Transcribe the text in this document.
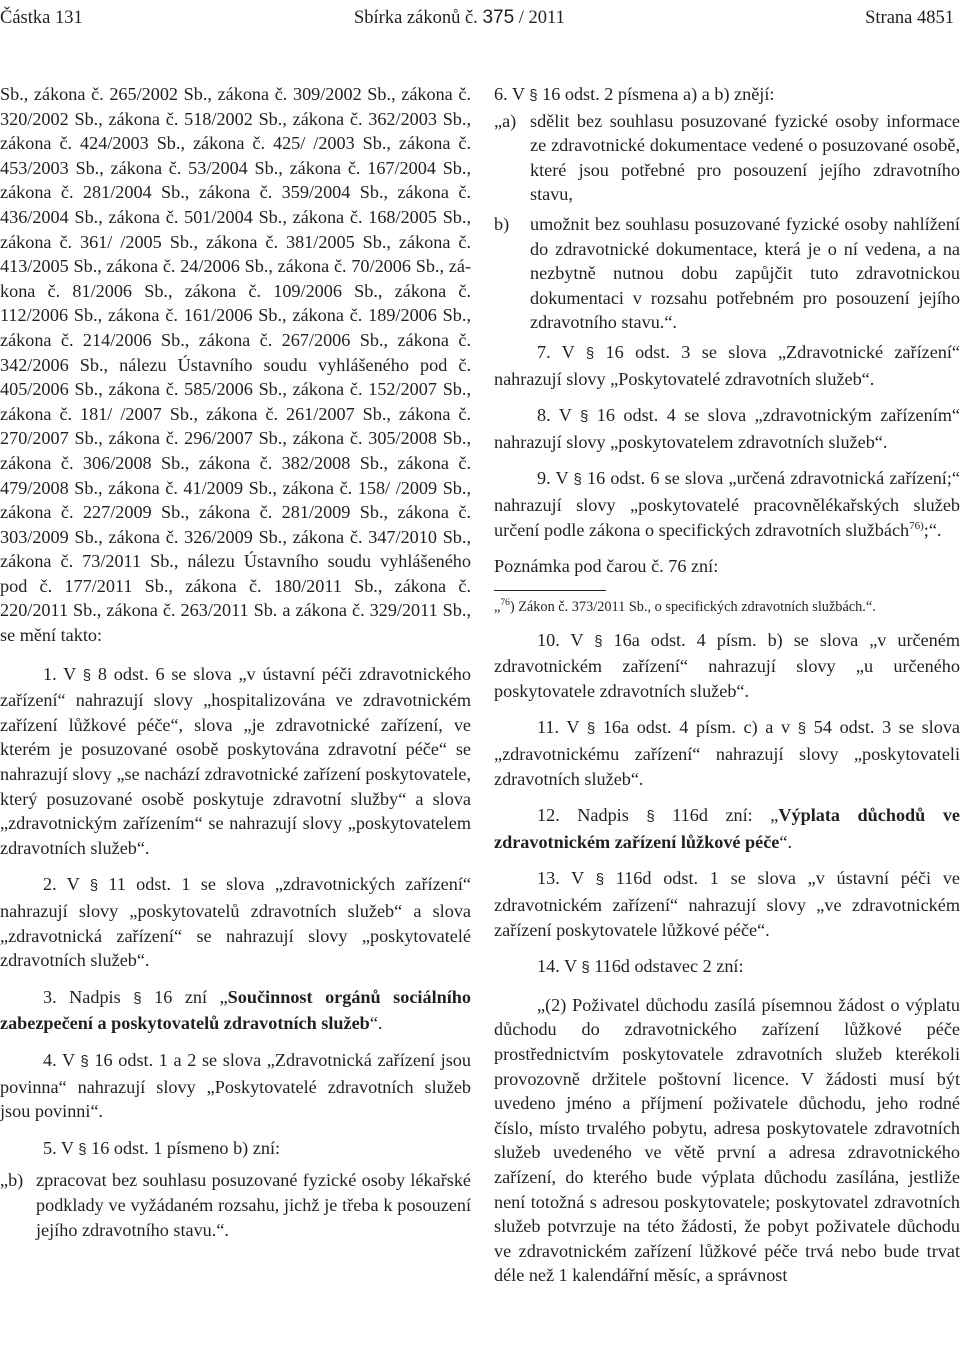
Částka 131	Sbírka zákonů č. 375 / 2011	Strana 4851

Sb., zákona č. 265/2002 Sb., zákona č. 309/2002 Sb., zákona č. 320/2002 Sb., zákona č. 518/2002 Sb., zákona č. 362/2003 Sb., zákona č. 424/2003 Sb., zákona č. 425/ /2003 Sb., zákona č. 453/2003 Sb., zákona č. 53/2004 Sb., zákona č. 167/2004 Sb., zákona č. 281/2004 Sb., zákona č. 359/2004 Sb., zákona č. 436/2004 Sb., zákona č. 501/2004 Sb., zákona č. 168/2005 Sb., zákona č. 361/ /2005 Sb., zákona č. 381/2005 Sb., zákona č. 413/2005 Sb., zákona č. 24/2006 Sb., zákona č. 70/2006 Sb., zákona č. 81/2006 Sb., zákona č. 109/2006 Sb., zákona č. 112/2006 Sb., zákona č. 161/2006 Sb., zákona č. 189/2006 Sb., zákona č. 214/2006 Sb., zákona č. 267/2006 Sb., zákona č. 342/2006 Sb., nálezu Ústavního soudu vyhlášeného pod č. 405/2006 Sb., zákona č. 585/2006 Sb., zákona č. 152/2007 Sb., zákona č. 181/ /2007 Sb., zákona č. 261/2007 Sb., zákona č. 270/2007 Sb., zákona č. 296/2007 Sb., zákona č. 305/2008 Sb., zákona č. 306/2008 Sb., zákona č. 382/2008 Sb., zákona č. 479/2008 Sb., zákona č. 41/2009 Sb., zákona č. 158/ /2009 Sb., zákona č. 227/2009 Sb., zákona č. 281/2009 Sb., zákona č. 303/2009 Sb., zákona č. 326/2009 Sb., zákona č. 347/2010 Sb., zákona č. 73/2011 Sb., nálezu Ústavního soudu vyhlášeného pod č. 177/2011 Sb., zákona č. 180/2011 Sb., zákona č. 220/2011 Sb., zákona č. 263/2011 Sb. a zákona č. 329/2011 Sb., se mění takto:

1. V § 8 odst. 6 se slova „v ústavní péči zdravotnického zařízení“ nahrazují slovy „hospitalizována ve zdravotnickém zařízení lůžkové péče“, slova „je zdravotnické zařízení, ve kterém je posuzované osobě poskytována zdravotní péče“ se nahrazují slovy „se nachází zdravotnické zařízení poskytovatele, který posuzované osobě poskytuje zdravotní služby“ a slova „zdravotnickým zařízením“ se nahrazují slovy „poskytovatelem zdravotních služeb“.

2. V § 11 odst. 1 se slova „zdravotnických zařízení“ nahrazují slovy „poskytovatelů zdravotních služeb“ a slova „zdravotnická zařízení“ se nahrazují slovy „poskytovatelé zdravotních služeb“.

3. Nadpis § 16 zní „Součinnost orgánů sociálního zabezpečení a poskytovatelů zdravotních služeb“.

4. V § 16 odst. 1 a 2 se slova „Zdravotnická zařízení jsou povinna“ nahrazují slovy „Poskytovatelé zdravotních služeb jsou povinni“.

5. V § 16 odst. 1 písmeno b) zní:

„b) zpracovat bez souhlasu posuzované fyzické osoby lékařské podklady ve vyžádaném rozsahu, jichž je třeba k posouzení jejího zdravotního stavu.“.

6. V § 16 odst. 2 písmena a) a b) znějí:

„a) sdělit bez souhlasu posuzované fyzické osoby informace ze zdravotnické dokumentace vedené o posuzované osobě, které jsou potřebné pro posouzení jejího zdravotního stavu,
b)	umožnit bez souhlasu posuzované fyzické osoby nahlížení do zdravotnické dokumentace, která je o ní vedena, a na nezbytně nutnou dobu zapůjčit tuto zdravotnickou dokumentaci v rozsahu potřebném pro posouzení jejího zdravotního stavu.“.

7. V § 16 odst. 3 se slova „Zdravotnické zařízení“ nahrazují slovy „Poskytovatelé zdravotních služeb“.

8. V § 16 odst. 4 se slova „zdravotnickým zařízením“ nahrazují slovy „poskytovatelem zdravotních služeb“.

9. V § 16 odst. 6 se slova „určená zdravotnická zařízení;“ nahrazují slovy „poskytovatelé pracovnělékařských služeb určení podle zákona o specifických zdravotních službách$^{76)}$;“.

Poznámka pod čarou č. 76 zní:

„$^{76}$) Zákon č. 373/2011 Sb., o specifických zdravotních službách.“.

10. V § 16a odst. 4 písm. b) se slova „v určeném zdravotnickém zařízení“ nahrazují slovy „u určeného poskytovatele zdravotních služeb“.

11. V § 16a odst. 4 písm. c) a v § 54 odst. 3 se slova „zdravotnickému zařízení“ nahrazují slovy „poskytovateli zdravotních služeb“.

12. Nadpis § 116d zní: „Výplata důchodů ve zdravotnickém zařízení lůžkové péče“.

13. V § 116d odst. 1 se slova „v ústavní péči ve zdravotnickém zařízení“ nahrazují slovy „ve zdravotnickém zařízení poskytovatele lůžkové péče“.

14. V § 116d odstavec 2 zní:

„(2) Poživatel důchodu zasílá písemnou žádost o výplatu důchodu do zdravotnického zařízení lůžkové péče prostřednictvím poskytovatele zdravotních služeb kterékoli provozovně držitele poštovní licence. V žádosti musí být uvedeno jméno a příjmení poživatele důchodu, jeho rodné číslo, místo trvalého pobytu, adresa poskytovatele zdravotních služeb uvedeného ve větě první a adresa zdravotnického zařízení, do kterého bude výplata důchodu zasílána, jestliže není totožná s adresou poskytovatele; poskytovatel zdravotních služeb potvrzuje na této žádosti, že pobyt poživatele důchodu ve zdravotnickém zařízení lůžkové péče trvá nebo bude trvat déle než 1 kalendářní měsíc, a správnost
